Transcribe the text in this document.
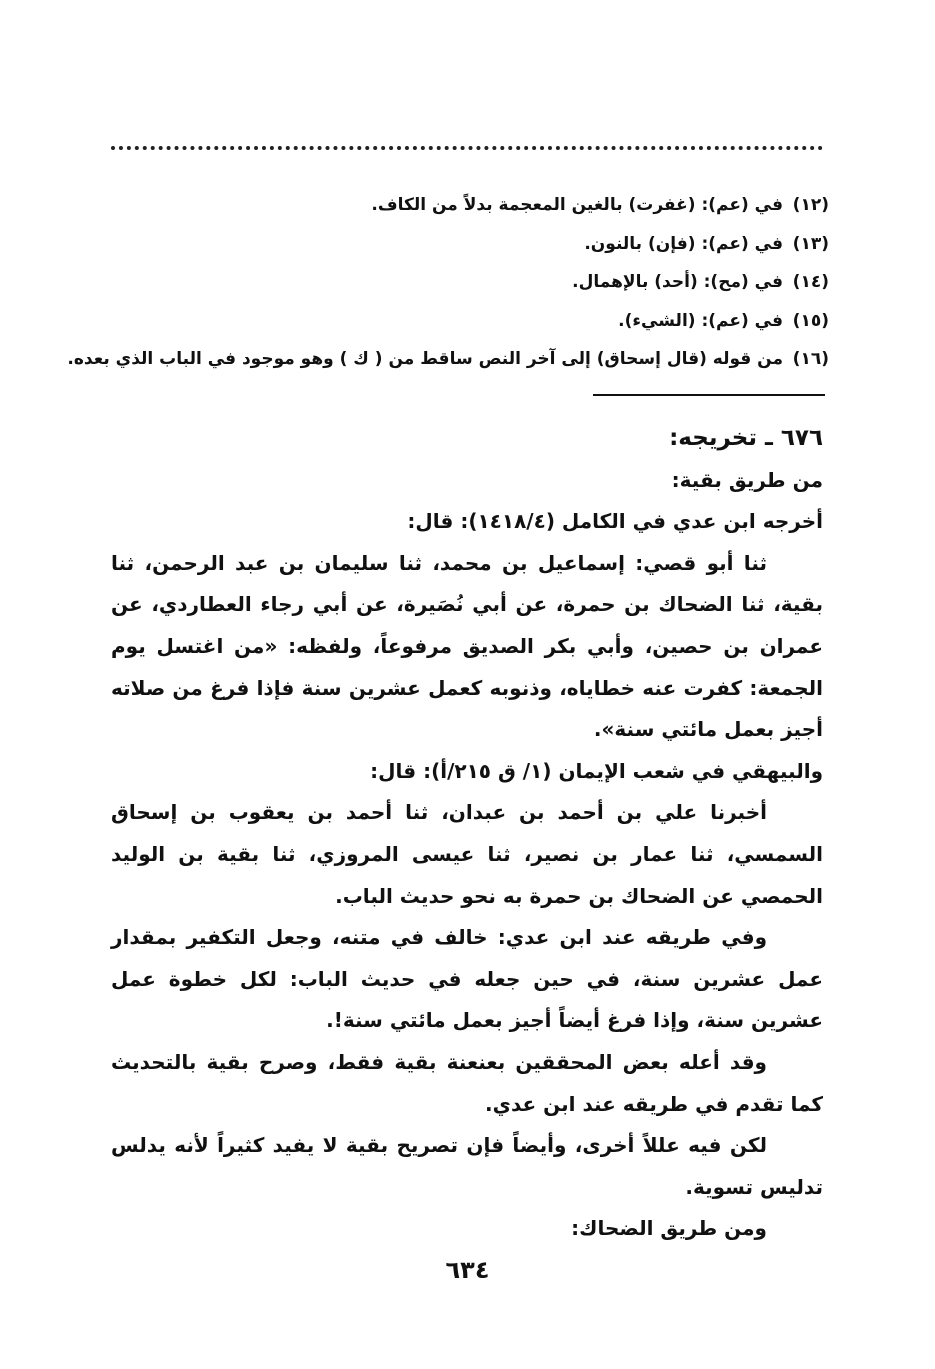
(١٢)في (عم): (غفرت) بالغين المعجمة بدلاً من الكاف.
(١٣)في (عم): (فإن) بالنون.
(١٤)في (مح): (أحد) بالإهمال.
(١٥)في (عم): (الشيء).
(١٦)من قوله (قال إسحاق) إلى آخر النص ساقط من ( ك ) وهو موجود في الباب الذي بعده.

٦٧٦ ـ تخريجه:

من طريق بقية:

أخرجه ابن عدي في الكامل (١٤١٨/٤): قال:

ثنا أبو قصي: إسماعيل بن محمد، ثنا سليمان بن عبد الرحمن، ثنا بقية، ثنا الضحاك بن حمرة، عن أبي نُصَيرة، عن أبي رجاء العطاردي، عن عمران بن حصين، وأبي بكر الصديق مرفوعاً، ولفظه: «من اغتسل يوم الجمعة: كفرت عنه خطاياه، وذنوبه كعمل عشرين سنة فإذا فرغ من صلاته أجيز بعمل مائتي سنة».

والبيهقي في شعب الإيمان (١/ ق ٢١٥/أ): قال:

أخبرنا علي بن أحمد بن عبدان، ثنا أحمد بن يعقوب بن إسحاق السمسي، ثنا عمار بن نصير، ثنا عيسى المروزي، ثنا بقية بن الوليد الحمصي عن الضحاك بن حمرة به نحو حديث الباب.

وفي طريقه عند ابن عدي: خالف في متنه، وجعل التكفير بمقدار عمل عشرين سنة، في حين جعله في حديث الباب: لكل خطوة عمل عشرين سنة، وإذا فرغ أيضاً أجيز بعمل مائتي سنة!.

وقد أعله بعض المحققين بعنعنة بقية فقط، وصرح بقية بالتحديث كما تقدم في طريقه عند ابن عدي.

لكن فيه عللاً أخرى، وأيضاً فإن تصريح بقية لا يفيد كثيراً لأنه يدلس تدليس تسوية.

ومن طريق الضحاك:

٦٣٤
